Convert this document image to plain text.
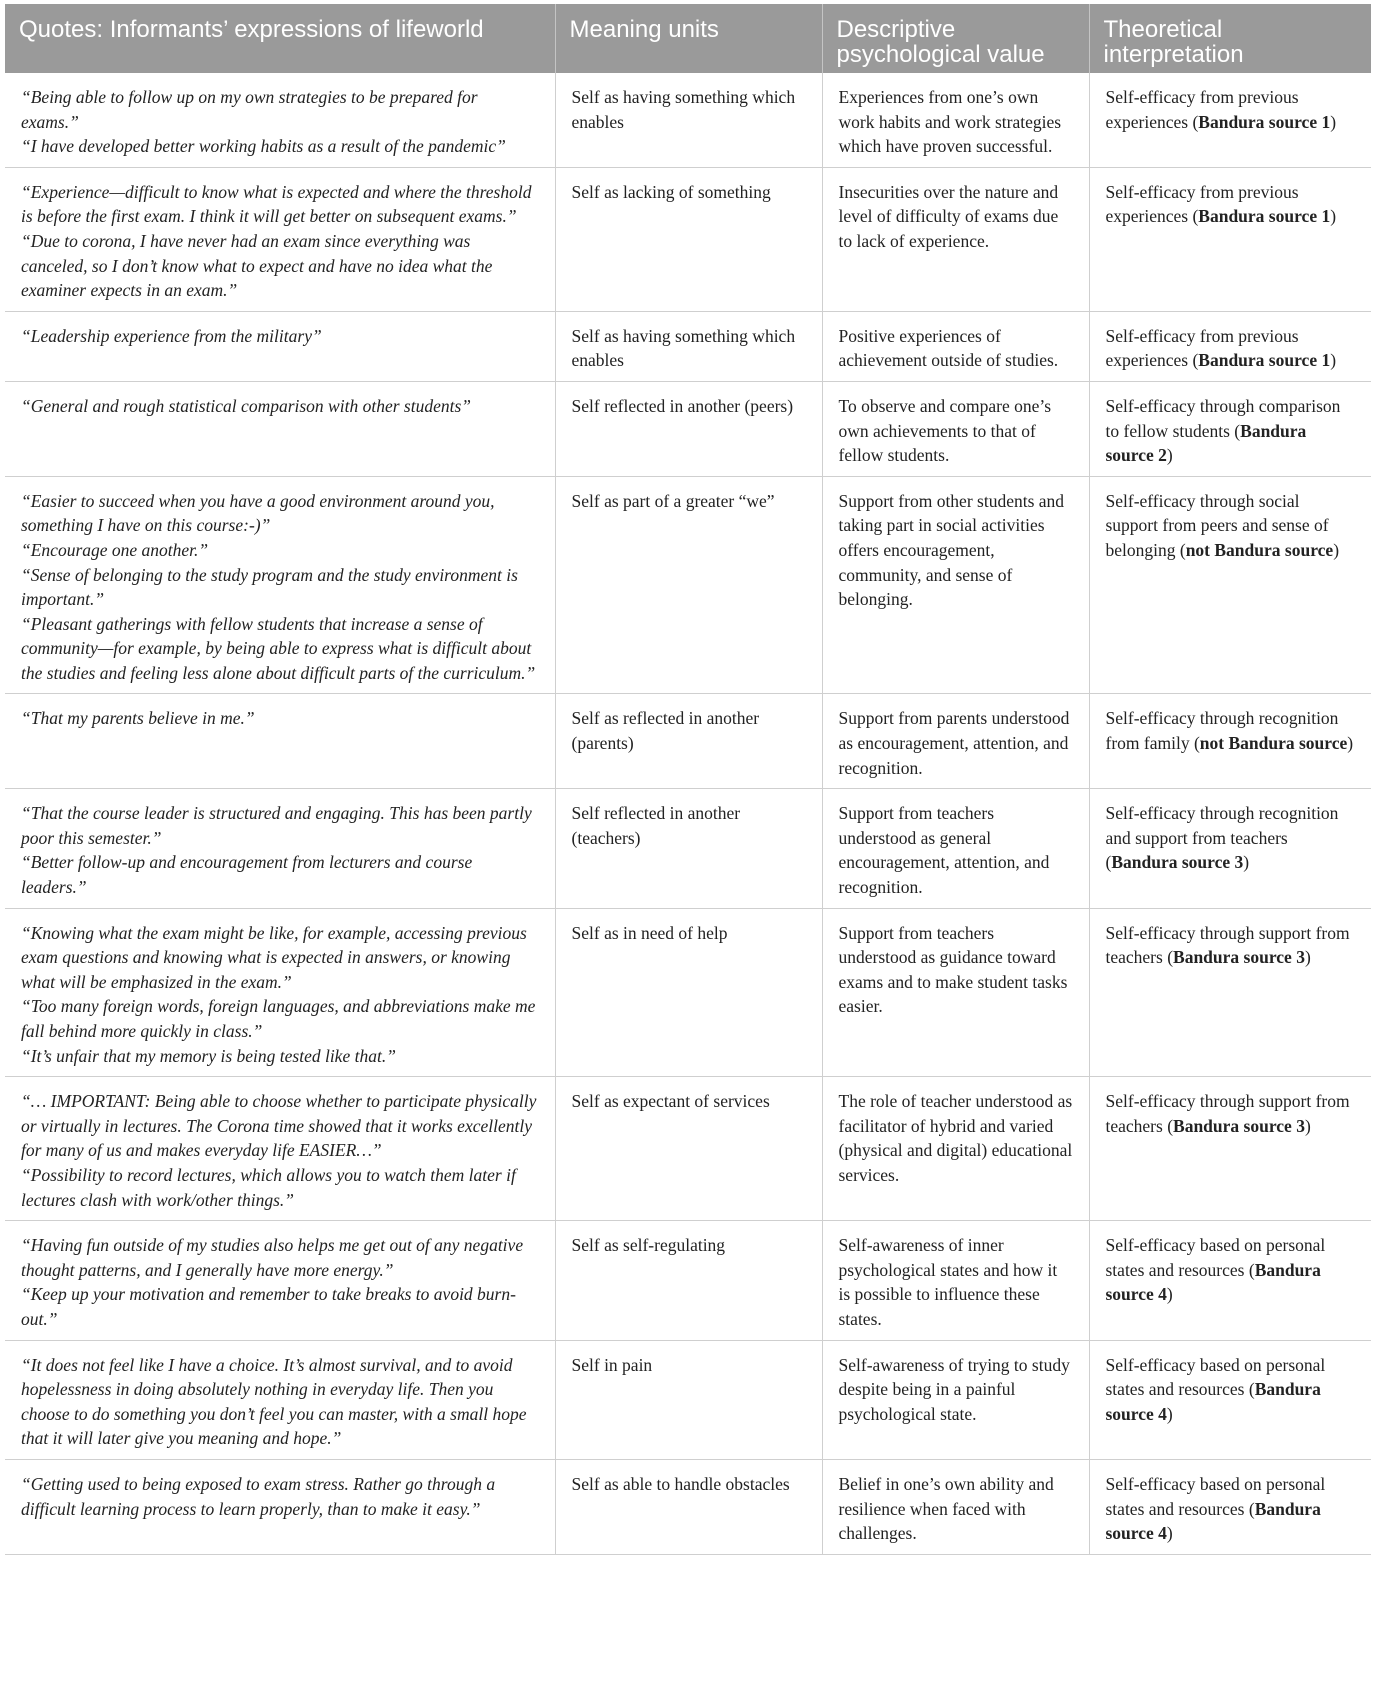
Quotes: Informants’ expressions of lifeworld	Meaning units	Descriptive psychological value	Theoretical interpretation

“Being able to follow up on my own strategies to be prepared for exams.”
“I have developed better working habits as a result of the pandemic”	Self as having something which enables	Experiences from one’s own work habits and work strategies which have proven successful.	Self-efficacy from previous experiences (Bandura source 1)

“Experience—difficult to know what is expected and where the threshold is before the first exam. I think it will get better on subsequent exams.”
“Due to corona, I have never had an exam since everything was canceled, so I don’t know what to expect and have no idea what the examiner expects in an exam.”	Self as lacking of something	Insecurities over the nature and level of difficulty of exams due to lack of experience.	Self-efficacy from previous experiences (Bandura source 1)

“Leadership experience from the military”	Self as having something which enables	Positive experiences of achievement outside of studies.	Self-efficacy from previous experiences (Bandura source 1)

“General and rough statistical comparison with other students”	Self reflected in another (peers)	To observe and compare one’s own achievements to that of fellow students.	Self-efficacy through comparison to fellow students (Bandura source 2)

“Easier to succeed when you have a good environment around you, something I have on this course:-)”
“Encourage one another.”
“Sense of belonging to the study program and the study environment is important.”
“Pleasant gatherings with fellow students that increase a sense of community—for example, by being able to express what is difficult about the studies and feeling less alone about difficult parts of the curriculum.”	Self as part of a greater “we”	Support from other students and taking part in social activities offers encouragement, community, and sense of belonging.	Self-efficacy through social support from peers and sense of belonging (not Bandura source)

“That my parents believe in me.”	Self as reflected in another (parents)	Support from parents understood as encouragement, attention, and recognition.	Self-efficacy through recognition from family (not Bandura source)

“That the course leader is structured and engaging. This has been partly poor this semester.”
“Better follow-up and encouragement from lecturers and course leaders.”	Self reflected in another (teachers)	Support from teachers understood as general encouragement, attention, and recognition.	Self-efficacy through recognition and support from teachers (Bandura source 3)

“Knowing what the exam might be like, for example, accessing previous exam questions and knowing what is expected in answers, or knowing what will be emphasized in the exam.”
“Too many foreign words, foreign languages, and abbreviations make me fall behind more quickly in class.”
“It’s unfair that my memory is being tested like that.”	Self as in need of help	Support from teachers understood as guidance toward exams and to make student tasks easier.	Self-efficacy through support from teachers (Bandura source 3)

“… IMPORTANT: Being able to choose whether to participate physically or virtually in lectures. The Corona time showed that it works excellently for many of us and makes everyday life EASIER…”
“Possibility to record lectures, which allows you to watch them later if lectures clash with work/other things.”	Self as expectant of services	The role of teacher understood as facilitator of hybrid and varied (physical and digital) educational services.	Self-efficacy through support from teachers (Bandura source 3)

“Having fun outside of my studies also helps me get out of any negative thought patterns, and I generally have more energy.”
“Keep up your motivation and remember to take breaks to avoid burn-out.”	Self as self-regulating	Self-awareness of inner psychological states and how it is possible to influence these states.	Self-efficacy based on personal states and resources (Bandura source 4)

“It does not feel like I have a choice. It’s almost survival, and to avoid hopelessness in doing absolutely nothing in everyday life. Then you choose to do something you don’t feel you can master, with a small hope that it will later give you meaning and hope.”	Self in pain	Self-awareness of trying to study despite being in a painful psychological state.	Self-efficacy based on personal states and resources (Bandura source 4)

“Getting used to being exposed to exam stress. Rather go through a difficult learning process to learn properly, than to make it easy.”	Self as able to handle obstacles	Belief in one’s own ability and resilience when faced with challenges.	Self-efficacy based on personal states and resources (Bandura source 4)
